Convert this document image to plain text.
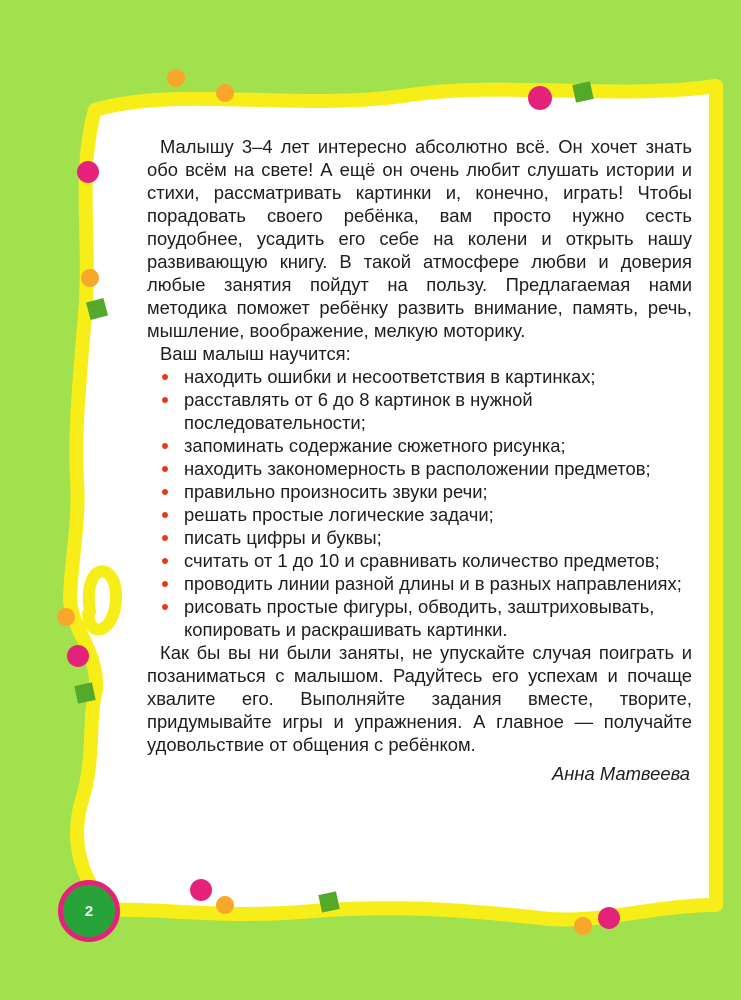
Малышу 3–4 лет интересно абсолютно всё. Он хочет знать обо всём на свете! А ещё он очень любит слушать истории и стихи, рассматривать картинки и, конечно, играть! Чтобы порадовать своего ребёнка, вам просто нужно сесть поудобнее, усадить его себе на колени и открыть нашу развивающую книгу. В такой атмосфере любви и доверия любые занятия пойдут на пользу. Предлагаемая нами методика поможет ребёнку развить внимание, память, речь, мышление, воображение, мелкую моторику.

Ваш малыш научится:

находить ошибки и несоответствия в картинках;
расставлять от 6 до 8 картинок в нужной последовательности;
запоминать содержание сюжетного рисунка;
находить закономерность в расположении предметов;
правильно произносить звуки речи;
решать простые логические задачи;
писать цифры и буквы;
считать от 1 до 10 и сравнивать количество предметов;
проводить линии разной длины и в разных направлениях;
рисовать простые фигуры, обводить, заштриховывать, копировать и раскрашивать картинки.

Как бы вы ни были заняты, не упускайте случая поиграть и позаниматься с малышом. Радуйтесь его успехам и почаще хвалите его. Выполняйте задания вместе, творите, придумывайте игры и упражнения. А главное — получайте удовольствие от общения с ребёнком.

Анна Матвеева
2
